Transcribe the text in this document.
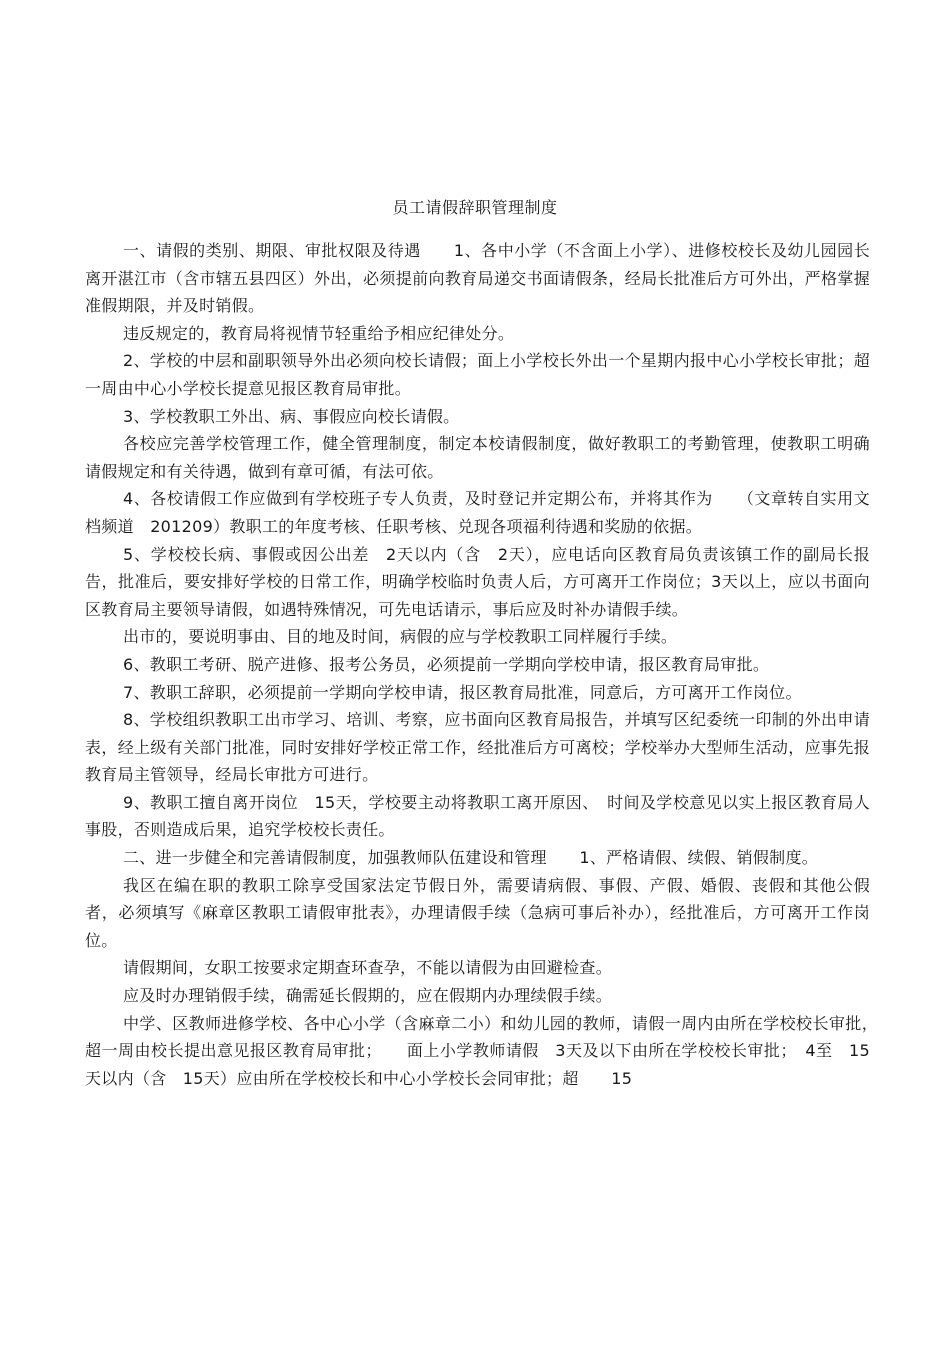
员工请假辞职管理制度

一、请假的类别、期限、审批权限及待遇　　1、各中小学（不含面上小学）、进修校校长及幼儿园园长离开湛江市（含市辖五县四区）外出，必须提前向教育局递交书面请假条，经局长批准后方可外出，严格掌握准假期限，并及时销假。

违反规定的，教育局将视情节轻重给予相应纪律处分。

2、学校的中层和副职领导外出必须向校长请假；面上小学校长外出一个星期内报中心小学校长审批；超一周由中心小学校长提意见报区教育局审批。

3、学校教职工外出、病、事假应向校长请假。

各校应完善学校管理工作，健全管理制度，制定本校请假制度，做好教职工的考勤管理，使教职工明确请假规定和有关待遇，做到有章可循，有法可依。

4、各校请假工作应做到有学校班子专人负责，及时登记并定期公布，并将其作为　　（文章转自实用文档频道　201209）教职工的年度考核、任职考核、兑现各项福利待遇和奖励的依据。

5、学校校长病、事假或因公出差　2天以内（含　2天），应电话向区教育局负责该镇工作的副局长报告，批准后，要安排好学校的日常工作，明确学校临时负责人后，方可离开工作岗位；3天以上，应以书面向区教育局主要领导请假，如遇特殊情况，可先电话请示，事后应及时补办请假手续。

出市的，要说明事由、目的地及时间，病假的应与学校教职工同样履行手续。

6、教职工考研、脱产进修、报考公务员，必须提前一学期向学校申请，报区教育局审批。

7、教职工辞职，必须提前一学期向学校申请，报区教育局批准，同意后，方可离开工作岗位。

8、学校组织教职工出市学习、培训、考察，应书面向区教育局报告，并填写区纪委统一印制的外出申请表，经上级有关部门批准，同时安排好学校正常工作，经批准后方可离校；学校举办大型师生活动，应事先报教育局主管领导，经局长审批方可进行。

9、教职工擅自离开岗位　15天，学校要主动将教职工离开原因、　时间及学校意见以实上报区教育局人事股，否则造成后果，追究学校校长责任。

二、进一步健全和完善请假制度，加强教师队伍建设和管理　　1、严格请假、续假、销假制度。

我区在编在职的教职工除享受国家法定节假日外，需要请病假、事假、产假、婚假、丧假和其他公假者，必须填写《麻章区教职工请假审批表》，办理请假手续（急病可事后补办），经批准后，方可离开工作岗位。

请假期间，女职工按要求定期查环查孕，不能以请假为由回避检查。

应及时办理销假手续，确需延长假期的，应在假期内办理续假手续。

中学、区教师进修学校、各中心小学（含麻章二小）和幼儿园的教师，请假一周内由所在学校校长审批，　超一周由校长提出意见报区教育局审批；　　面上小学教师请假　3天及以下由所在学校校长审批；　4至　15天以内（含　15天）应由所在学校校长和中心小学校长会同审批；超　　15
